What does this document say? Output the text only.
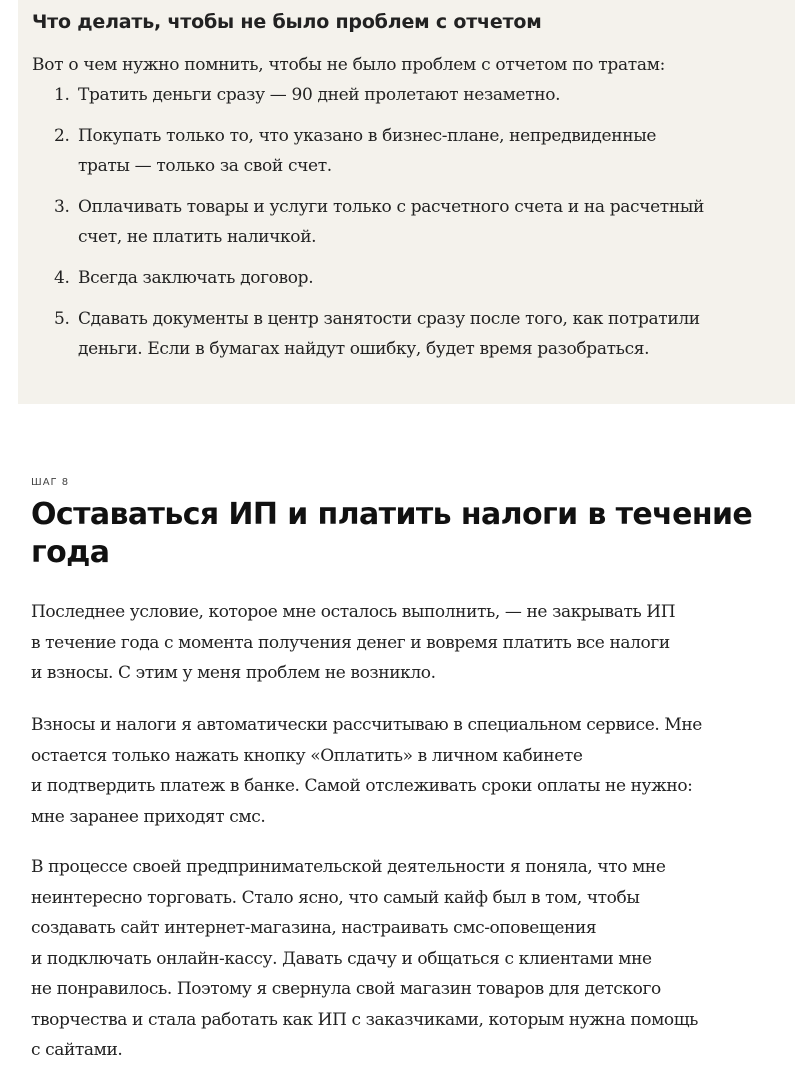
Что делать, чтобы не было проблем с отчетом
Вот о чем нужно помнить, чтобы не было проблем с отчетом по тратам:
1. Тратить деньги сразу — 90 дней пролетают незаметно.
2. Покупать только то, что указано в бизнес-плане, непредвиденные
траты — только за свой счет.
3. Оплачивать товары и услуги только с расчетного счета и на расчетный
счет, не платить наличкой.
4. Всегда заключать договор.
5. Сдавать документы в центр занятости сразу после того, как потратили
деньги. Если в бумагах найдут ошибку, будет время разобраться.
ШАГ 8
Оставаться ИП и платить налоги в течение
года

Последнее условие, которое мне осталось выполнить, — не закрывать ИП
в течение года с момента получения денег и вовремя платить все налоги
и взносы. С этим у меня проблем не возникло.

Взносы и налоги я автоматически рассчитываю в специальном сервисе. Мне
остается только нажать кнопку «Оплатить» в личном кабинете
и подтвердить платеж в банке. Самой отслеживать сроки оплаты не нужно:
мне заранее приходят смс.

В процессе своей предпринимательской деятельности я поняла, что мне
неинтересно торговать. Стало ясно, что самый кайф был в том, чтобы
создавать сайт интернет-магазина, настраивать смс-оповещения
и подключать онлайн-кассу. Давать сдачу и общаться с клиентами мне
не понравилось. Поэтому я свернула свой магазин товаров для детского
творчества и стала работать как ИП с заказчиками, которым нужна помощь
с сайтами.
